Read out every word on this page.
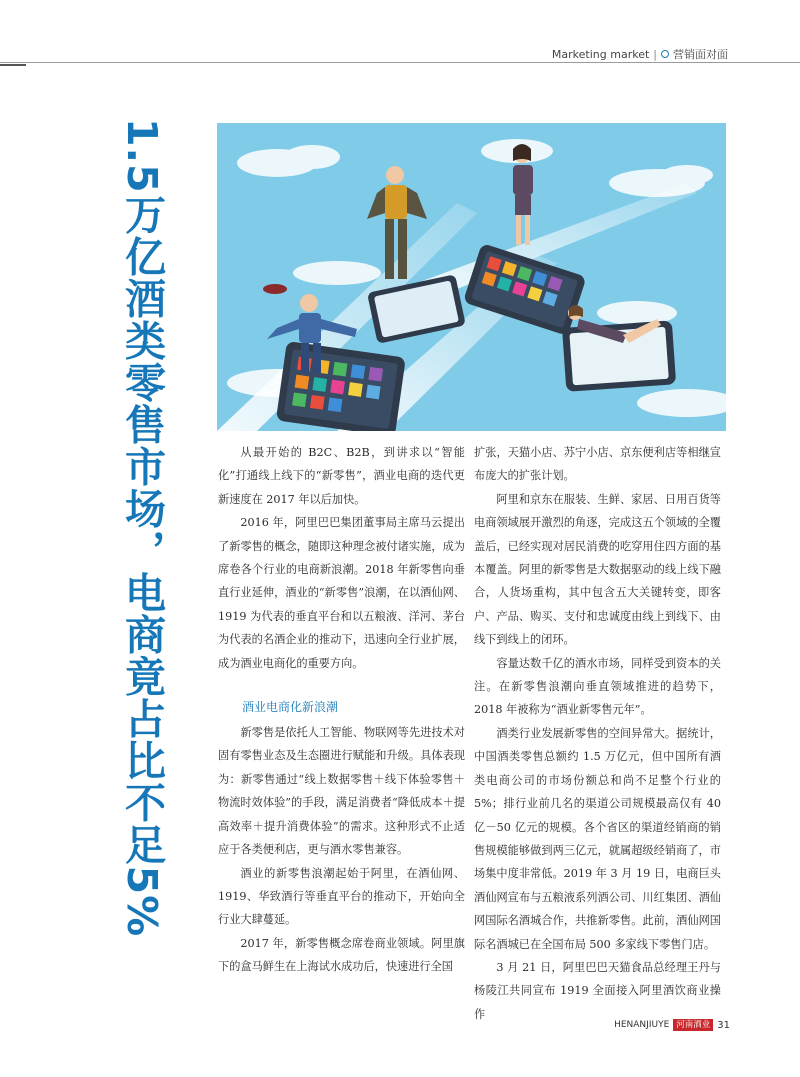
Marketing market | ○ 营销面对面
1.5万亿酒类零售市场，电商竟占比不足5%	从最开始的 B2C、B2B，到讲求以“智能化”打通线上线下的“新零售”，酒业电商的迭代更新速度在 2017 年以后加快。

2016 年，阿里巴巴集团董事局主席马云提出了新零售的概念，随即这种理念被付诸实施，成为席卷各个行业的电商新浪潮。2018 年新零售向垂直行业延伸，酒业的“新零售”浪潮，在以酒仙网、1919 为代表的垂直平台和以五粮液、洋河、茅台为代表的名酒企业的推动下，迅速向全行业扩展，成为酒业电商化的重要方向。

酒业电商化新浪潮

新零售是依托人工智能、物联网等先进技术对固有零售业态及生态圈进行赋能和升级。具体表现为：新零售通过“线上数据零售＋线下体验零售＋物流时效体验”的手段，满足消费者“降低成本＋提高效率＋提升消费体验”的需求。这种形式不止适应于各类便利店，更与酒水零售兼容。

酒业的新零售浪潮起始于阿里，在酒仙网、1919、华致酒行等垂直平台的推动下，开始向全行业大肆蔓延。

2017 年，新零售概念席卷商业领域。阿里旗下的盒马鲜生在上海试水成功后，快速进行全国

扩张，天猫小店、苏宁小店、京东便利店等相继宣布庞大的扩张计划。

阿里和京东在服装、生鲜、家居、日用百货等电商领域展开激烈的角逐，完成这五个领域的全覆盖后，已经实现对居民消费的吃穿用住四方面的基本覆盖。阿里的新零售是大数据驱动的线上线下融合，人货场重构，其中包含五大关键转变，即客户、产品、购买、支付和忠诚度由线上到线下、由线下到线上的闭环。

容量达数千亿的酒水市场，同样受到资本的关注。在新零售浪潮向垂直领域推进的趋势下，2018 年被称为“酒业新零售元年”。

酒类行业发展新零售的空间异常大。据统计，中国酒类零售总额约 1.5 万亿元，但中国所有酒类电商公司的市场份额总和尚不足整个行业的 5%；排行业前几名的渠道公司规模最高仅有 40 亿－50 亿元的规模。各个省区的渠道经销商的销售规模能够做到两三亿元，就属超级经销商了，市场集中度非常低。2019 年 3 月 19 日，电商巨头酒仙网宣布与五粮液系列酒公司、川红集团、酒仙网国际名酒城合作，共推新零售。此前，酒仙网国际名酒城已在全国布局 500 多家线下零售门店。

3 月 21 日，阿里巴巴天猫食品总经理王丹与杨陵江共同宣布 1919 全面接入阿里酒饮商业操作

HENANJIUYE 河南酒业 31
